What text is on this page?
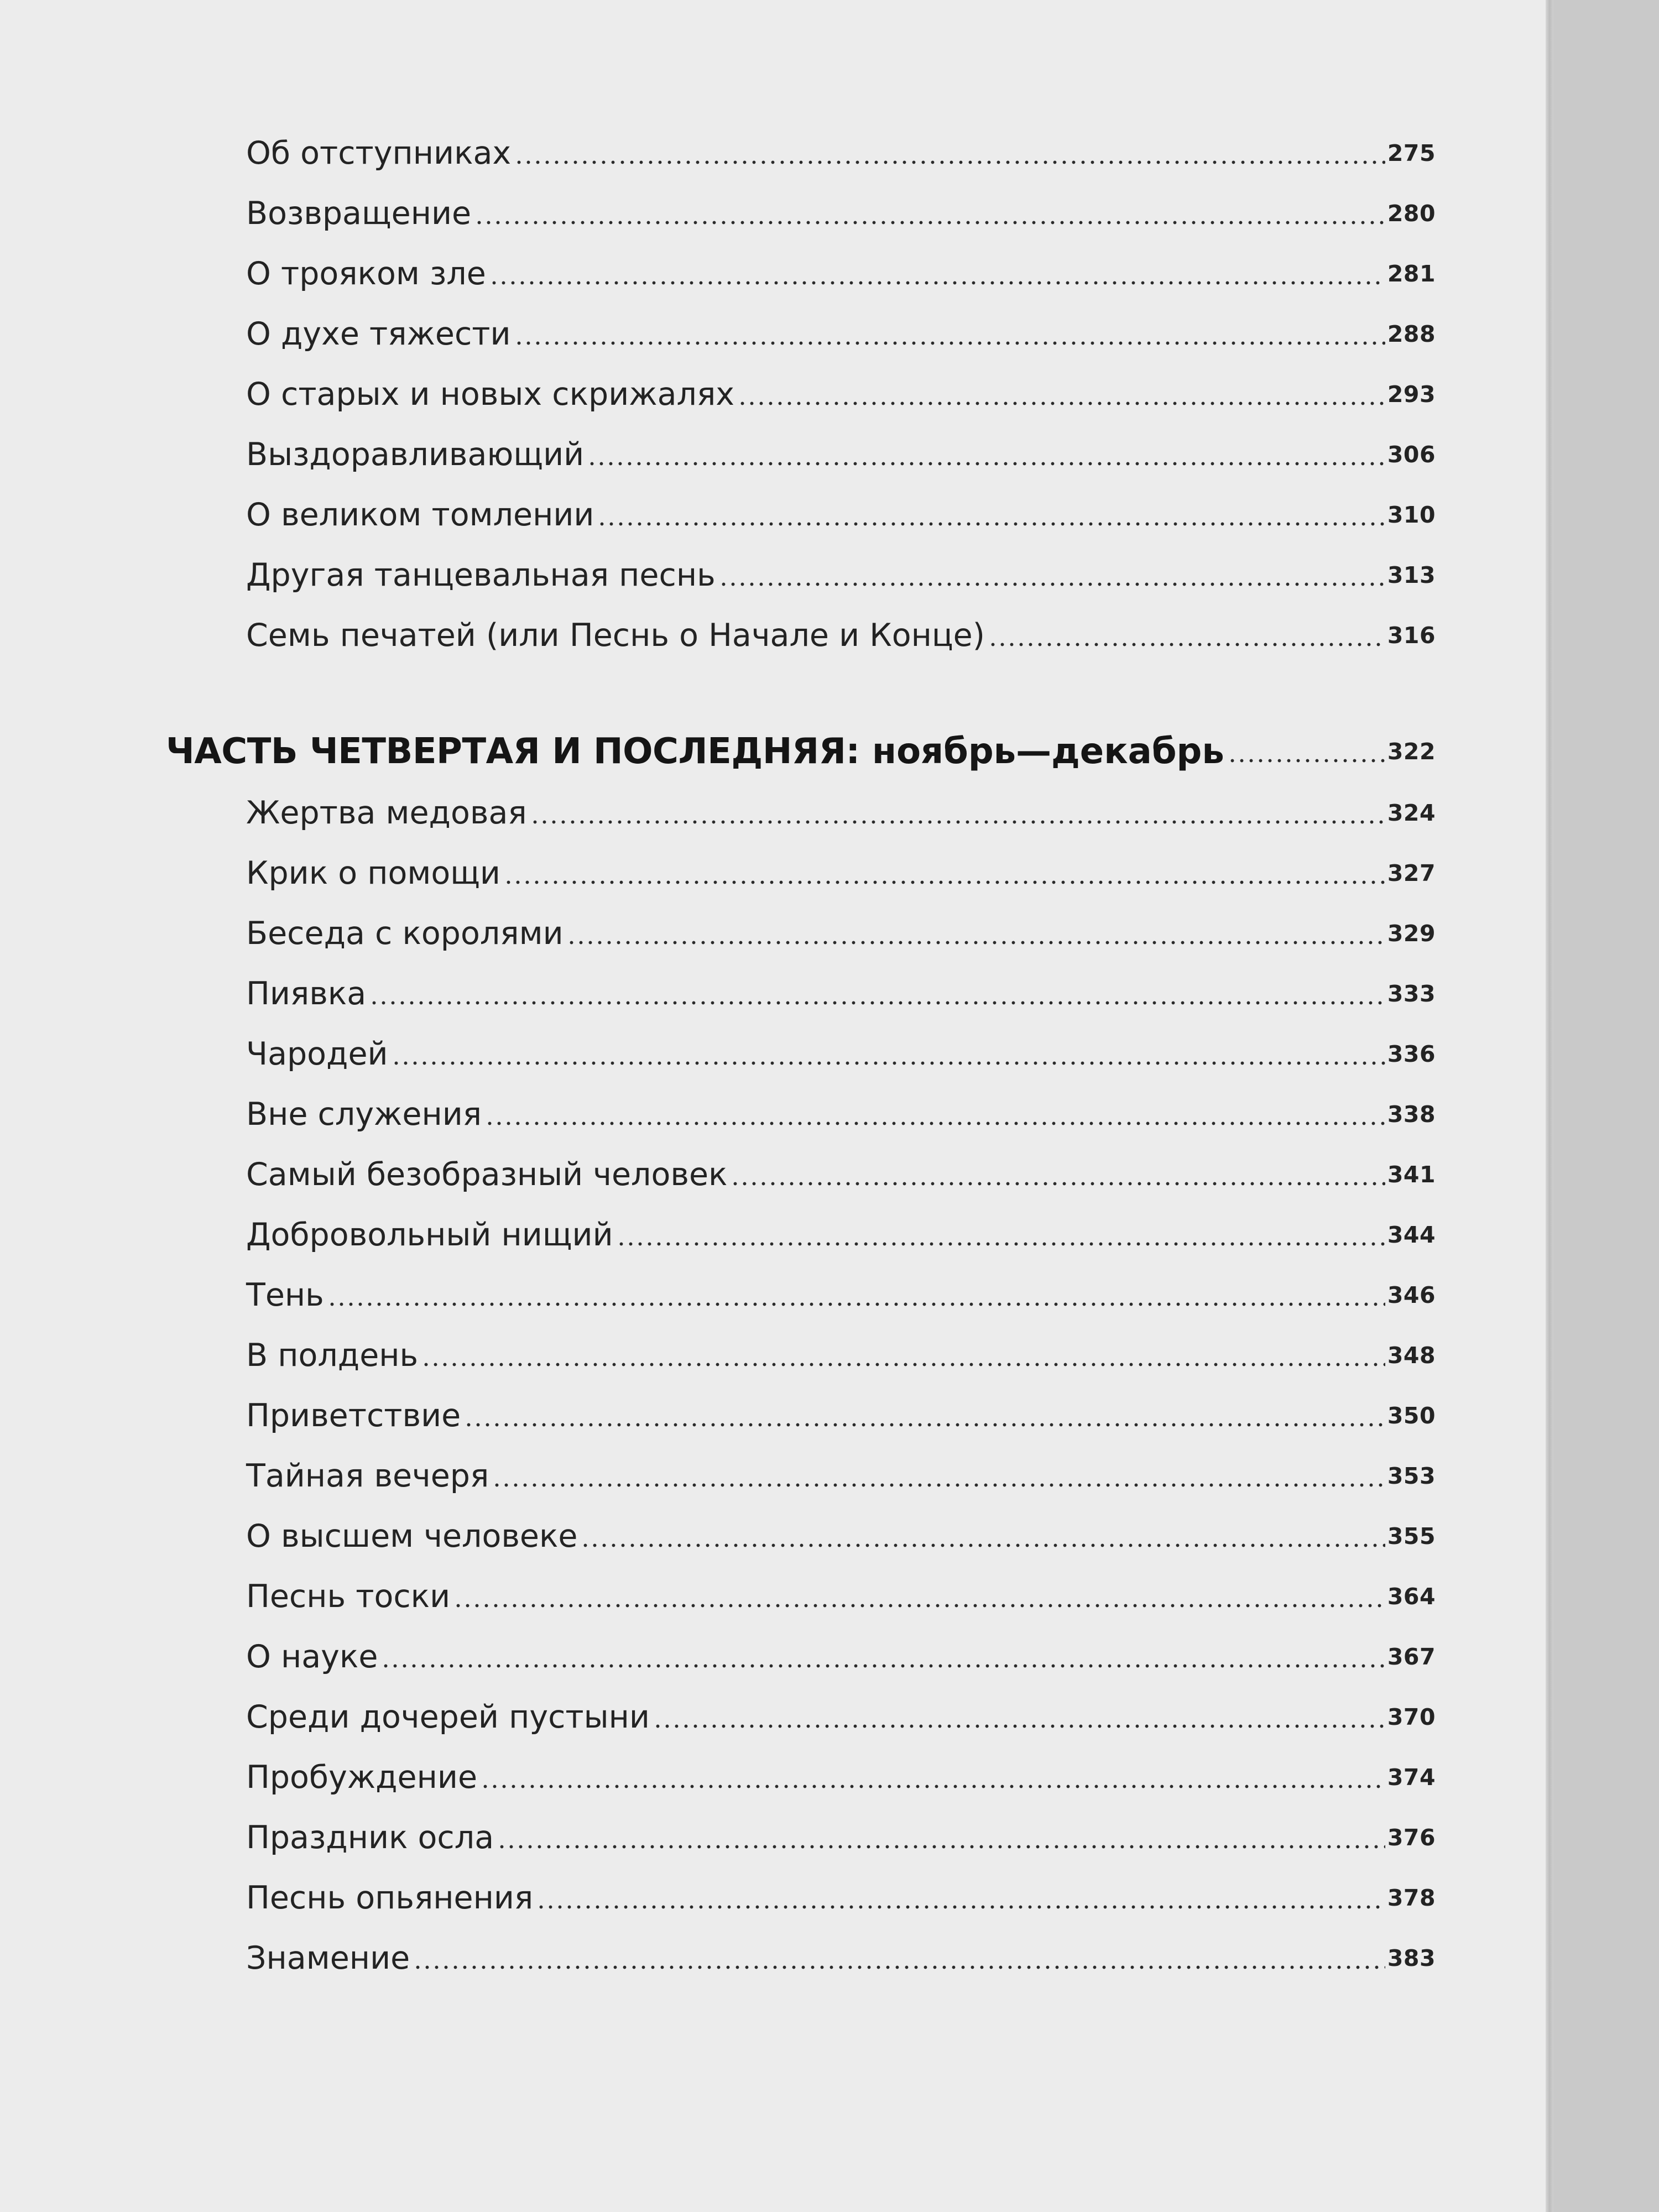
Об отступниках	275
Возвращение	280
О трояком зле	281
О духе тяжести	288
О старых и новых скрижалях	293
Выздоравливающий	306
О великом томлении	310
Другая танцевальная песнь	313
Семь печатей (или Песнь о Начале и Конце)	316
ЧАСТЬ ЧЕТВЕРТАЯ И ПОСЛЕДНЯЯ: ноябрь—декабрь	322
Жертва медовая	324
Крик о помощи	327
Беседа с королями	329
Пиявка	333
Чародей	336
Вне служения	338
Самый безобразный человек	341
Добровольный нищий	344
Тень	346
В полдень	348
Приветствие	350
Тайная вечеря	353
О высшем человеке	355
Песнь тоски	364
О науке	367
Среди дочерей пустыни	370
Пробуждение	374
Праздник осла	376
Песнь опьянения	378
Знамение	383
